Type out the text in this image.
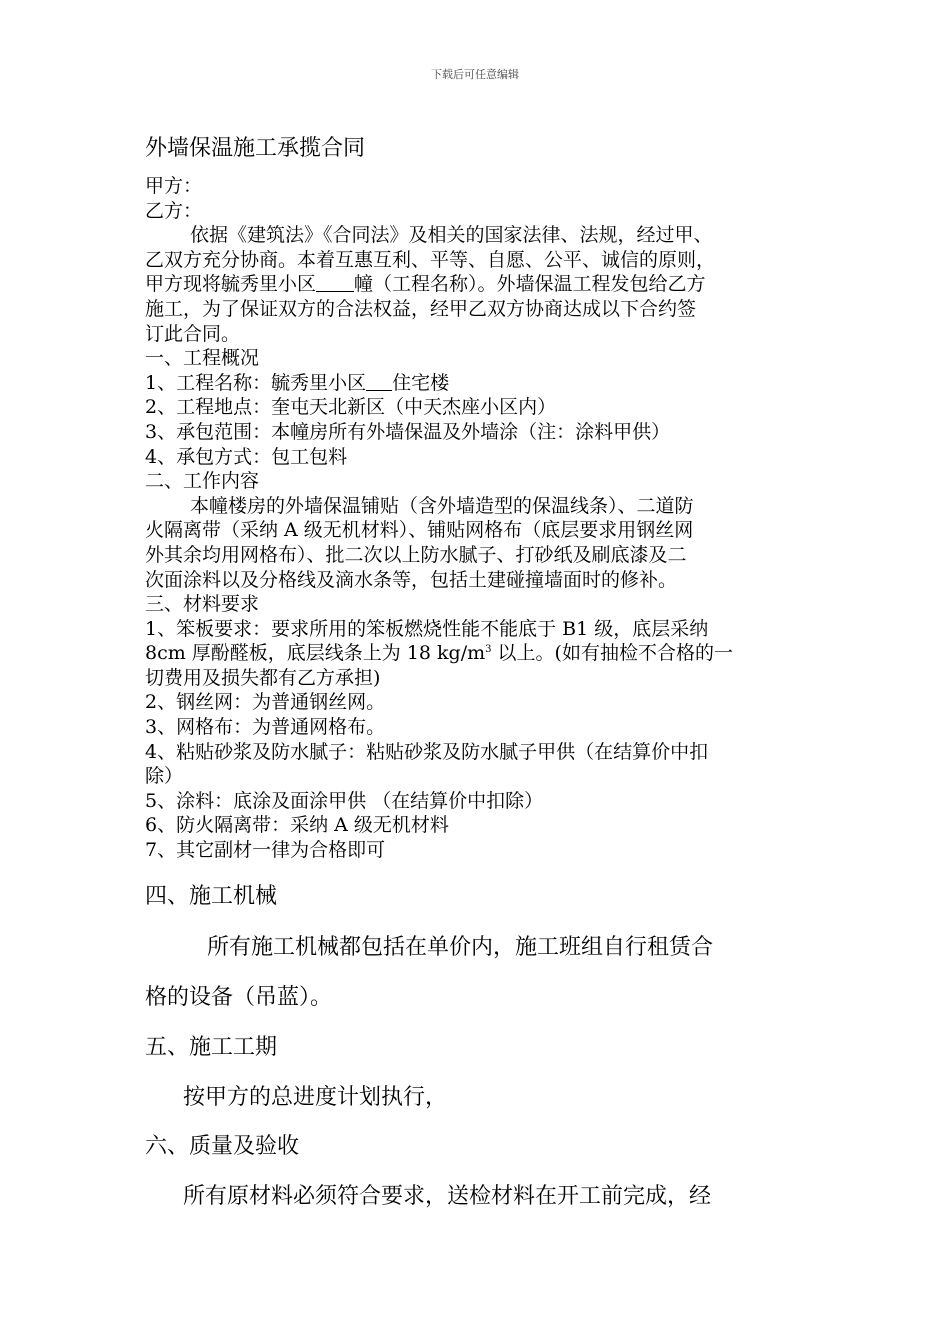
下载后可任意编辑

外墙保温施工承揽合同

甲方：

乙方：

依据《建筑法》《合同法》及相关的国家法律、法规，经过甲、

乙双方充分协商。本着互惠互利、平等、自愿、公平、诚信的原则，

甲方现将毓秀里小区 幢（工程名称）。外墙保温工程发包给乙方

施工，为了保证双方的合法权益，经甲乙双方协商达成以下合约签

订此合同。

一、工程概况

1、工程名称：毓秀里小区 住宅楼

2、工程地点：奎屯天北新区（中天杰座小区内）

3、承包范围：本幢房所有外墙保温及外墙涂（注：涂料甲供）

4、承包方式：包工包料

二、工作内容

本幢楼房的外墙保温铺贴（含外墙造型的保温线条）、二道防

火隔离带（采纳 A 级无机材料）、铺贴网格布（底层要求用钢丝网

外其余均用网格布）、批二次以上防水腻子、打砂纸及刷底漆及二

次面涂料以及分格线及滴水条等，包括土建碰撞墙面时的修补。

三、材料要求

1、笨板要求：要求所用的笨板燃烧性能不能底于 B1 级，底层采纳

8cm 厚酚醛板，底层线条上为 18 $kg/m^3$ 以上。(如有抽检不合格的一

切费用及损失都有乙方承担)

2、钢丝网：为普通钢丝网。

3、网格布：为普通网格布。

4、粘贴砂浆及防水腻子：粘贴砂浆及防水腻子甲供（在结算价中扣

除）

5、涂料：底涂及面涂甲供 （在结算价中扣除）

6、防火隔离带：采纳 A 级无机材料

7、其它副材一律为合格即可

四、施工机械
所有施工机械都包括在单价内，施工班组自行租赁合
格的设备（吊蓝）。
五、施工工期
按甲方的总进度计划执行，
六、质量及验收
所有原材料必须符合要求，送检材料在开工前完成，经
